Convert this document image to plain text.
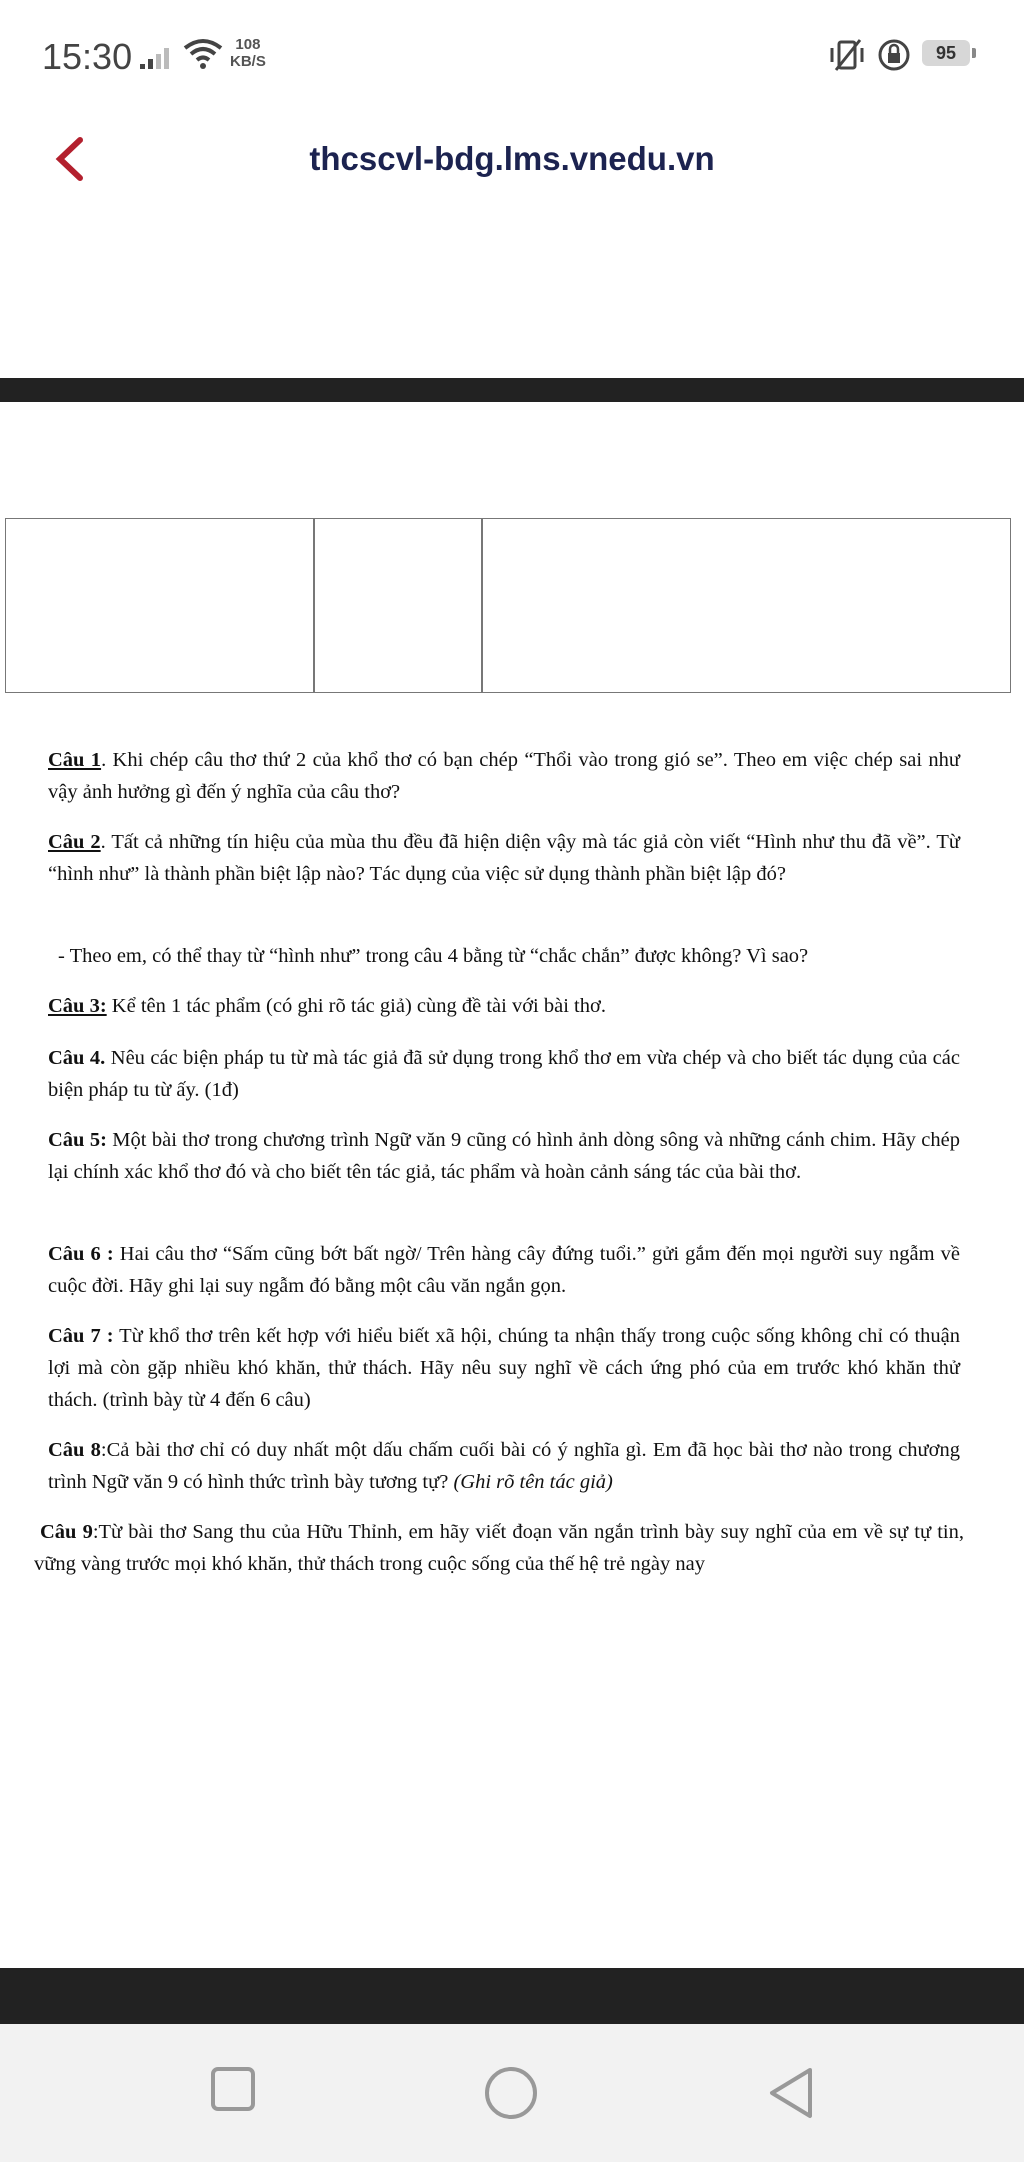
15:30	108
KB/S	95
thcscvl-bdg.lms.vnedu.vn
Câu 1. Khi chép câu thơ thứ 2 của khổ thơ có bạn chép “Thổi vào trong gió se”. Theo em việc chép sai như vậy ảnh hưởng gì đến ý nghĩa của câu thơ?
Câu 2. Tất cả những tín hiệu của mùa thu đều đã hiện diện vậy mà tác giả còn viết “Hình như thu đã về”. Từ “hình như” là thành phần biệt lập nào? Tác dụng của việc sử dụng thành phần biệt lập đó?
- Theo em, có thể thay từ “hình như” trong câu 4 bằng từ “chắc chắn” được không? Vì sao?
Câu 3: Kể tên 1 tác phẩm (có ghi rõ tác giả) cùng đề tài với bài thơ.
Câu 4. Nêu các biện pháp tu từ mà tác giả đã sử dụng trong khổ thơ em vừa chép và cho biết tác dụng của các biện pháp tu từ ấy. (1đ)
Câu 5: Một bài thơ trong chương trình Ngữ văn 9 cũng có hình ảnh dòng sông và những cánh chim. Hãy chép lại chính xác khổ thơ đó và cho biết tên tác giả, tác phẩm và hoàn cảnh sáng tác của bài thơ.
Câu 6 : Hai câu thơ “Sấm cũng bớt bất ngờ/ Trên hàng cây đứng tuổi.” gửi gắm đến mọi người suy ngẫm về cuộc đời. Hãy ghi lại suy ngẫm đó bằng một câu văn ngắn gọn.
Câu 7 : Từ khổ thơ trên kết hợp với hiểu biết xã hội, chúng ta nhận thấy trong cuộc sống không chỉ có thuận lợi mà còn gặp nhiều khó khăn, thử thách. Hãy nêu suy nghĩ về cách ứng phó của em trước khó khăn thử thách. (trình bày từ 4 đến 6 câu)
Câu 8:Cả bài thơ chỉ có duy nhất một dấu chấm cuối bài có ý nghĩa gì. Em đã học bài thơ nào trong chương trình Ngữ văn 9 có hình thức trình bày tương tự? (Ghi rõ tên tác giả)
Câu 9:Từ bài thơ Sang thu của Hữu Thỉnh, em hãy viết đoạn văn ngắn trình bày suy nghĩ của em về sự tự tin, vững vàng trước mọi khó khăn, thử thách trong cuộc sống của thế hệ trẻ ngày nay
